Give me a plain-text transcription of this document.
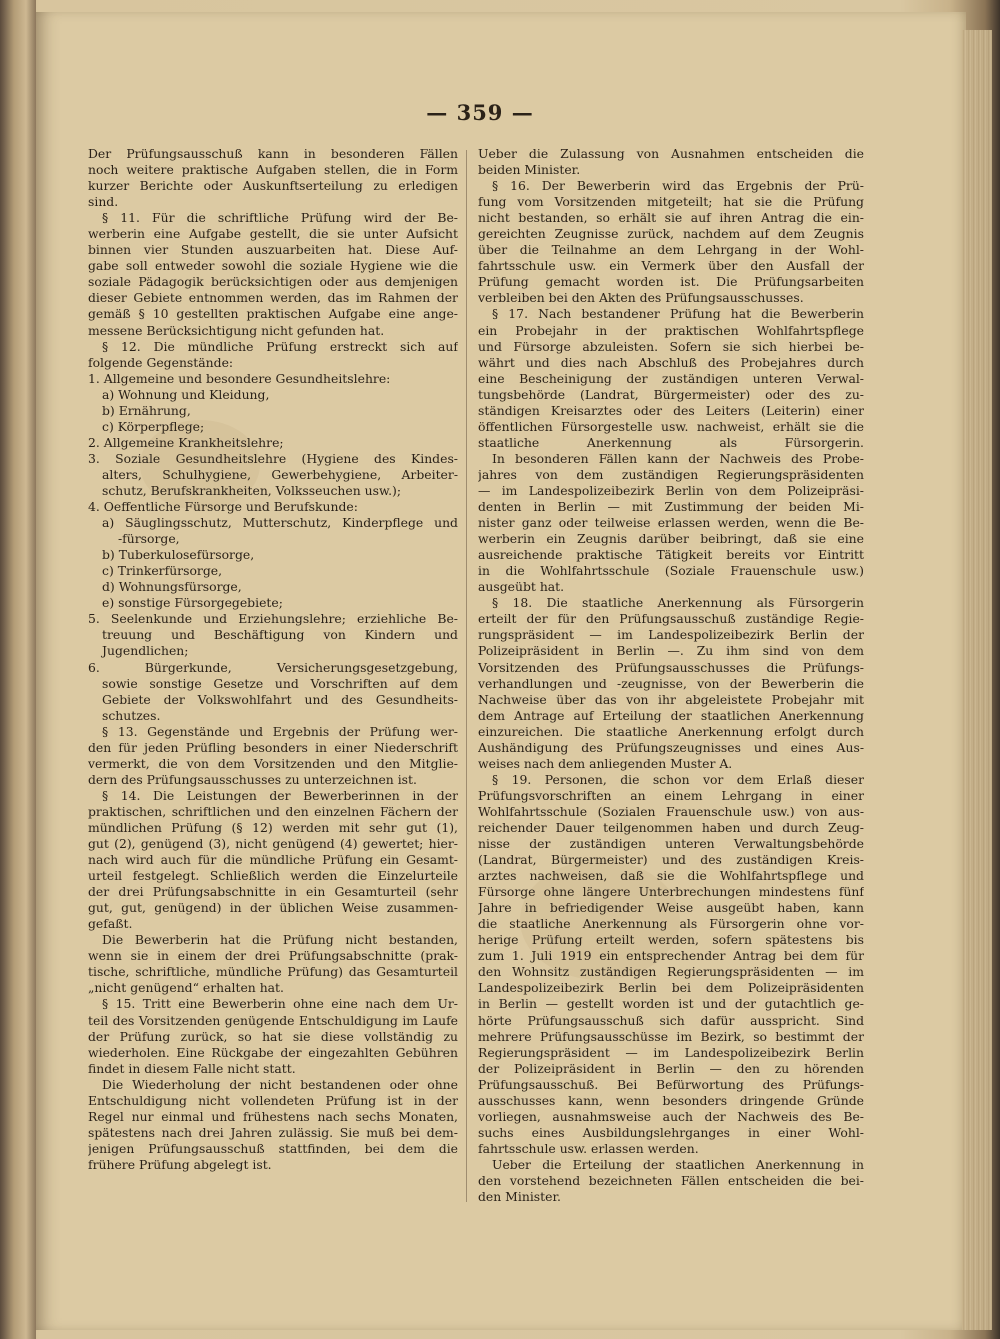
— 359 —
Der Prüfungsausschuß kann in besonderen Fällen
noch weitere praktische Aufgaben stellen, die in Form
kurzer Berichte oder Auskunftserteilung zu erledigen
sind.
§ 11. Für die schriftliche Prüfung wird der Be-
werberin eine Aufgabe gestellt, die sie unter Aufsicht
binnen vier Stunden auszuarbeiten hat. Diese Auf-
gabe soll entweder sowohl die soziale Hygiene wie die
soziale Pädagogik berücksichtigen oder aus demjenigen
dieser Gebiete entnommen werden, das im Rahmen der
gemäß § 10 gestellten praktischen Aufgabe eine ange-
messene Berücksichtigung nicht gefunden hat.
§ 12. Die mündliche Prüfung erstreckt sich auf
folgende Gegenstände:
1. Allgemeine und besondere Gesundheitslehre:
a) Wohnung und Kleidung,
b) Ernährung,
c) Körperpflege;
2. Allgemeine Krankheitslehre;
3. Soziale Gesundheitslehre (Hygiene des Kindes-
alters, Schulhygiene, Gewerbehygiene, Arbeiter-
schutz, Berufskrankheiten, Volksseuchen usw.);
4. Oeffentliche Fürsorge und Berufskunde:
a) Säuglingsschutz, Mutterschutz, Kinderpflege und
-fürsorge,
b) Tuberkulosefürsorge,
c) Trinkerfürsorge,
d) Wohnungsfürsorge,
e) sonstige Fürsorgegebiete;
5. Seelenkunde und Erziehungslehre; erziehliche Be-
treuung und Beschäftigung von Kindern und
Jugendlichen;
6. Bürgerkunde, Versicherungsgesetzgebung,
sowie sonstige Gesetze und Vorschriften auf dem
Gebiete der Volkswohlfahrt und des Gesundheits-
schutzes.
§ 13. Gegenstände und Ergebnis der Prüfung wer-
den für jeden Prüfling besonders in einer Niederschrift
vermerkt, die von dem Vorsitzenden und den Mitglie-
dern des Prüfungsausschusses zu unterzeichnen ist.
§ 14. Die Leistungen der Bewerberinnen in der
praktischen, schriftlichen und den einzelnen Fächern der
mündlichen Prüfung (§ 12) werden mit sehr gut (1),
gut (2), genügend (3), nicht genügend (4) gewertet; hier-
nach wird auch für die mündliche Prüfung ein Gesamt-
urteil festgelegt. Schließlich werden die Einzelurteile
der drei Prüfungsabschnitte in ein Gesamturteil (sehr
gut, gut, genügend) in der üblichen Weise zusammen-
gefaßt.
Die Bewerberin hat die Prüfung nicht bestanden,
wenn sie in einem der drei Prüfungsabschnitte (prak-
tische, schriftliche, mündliche Prüfung) das Gesamturteil
„nicht genügend“ erhalten hat.
§ 15. Tritt eine Bewerberin ohne eine nach dem Ur-
teil des Vorsitzenden genügende Entschuldigung im Laufe
der Prüfung zurück, so hat sie diese vollständig zu
wiederholen. Eine Rückgabe der eingezahlten Gebühren
findet in diesem Falle nicht statt.
Die Wiederholung der nicht bestandenen oder ohne
Entschuldigung nicht vollendeten Prüfung ist in der
Regel nur einmal und frühestens nach sechs Monaten,
spätestens nach drei Jahren zulässig. Sie muß bei dem-
jenigen Prüfungsausschuß stattfinden, bei dem die
frühere Prüfung abgelegt ist.
Ueber die Zulassung von Ausnahmen entscheiden die
beiden Minister.
§ 16. Der Bewerberin wird das Ergebnis der Prü-
fung vom Vorsitzenden mitgeteilt; hat sie die Prüfung
nicht bestanden, so erhält sie auf ihren Antrag die ein-
gereichten Zeugnisse zurück, nachdem auf dem Zeugnis
über die Teilnahme an dem Lehrgang in der Wohl-
fahrtsschule usw. ein Vermerk über den Ausfall der
Prüfung gemacht worden ist. Die Prüfungsarbeiten
verbleiben bei den Akten des Prüfungsausschusses.
§ 17. Nach bestandener Prüfung hat die Bewerberin
ein Probejahr in der praktischen Wohlfahrtspflege
und Fürsorge abzuleisten. Sofern sie sich hierbei be-
währt und dies nach Abschluß des Probejahres durch
eine Bescheinigung der zuständigen unteren Verwal-
tungsbehörde (Landrat, Bürgermeister) oder des zu-
ständigen Kreisarztes oder des Leiters (Leiterin) einer
öffentlichen Fürsorgestelle usw. nachweist, erhält sie die
staatliche Anerkennung als Fürsorgerin.
In besonderen Fällen kann der Nachweis des Probe-
jahres von dem zuständigen Regierungspräsidenten
— im Landespolizeibezirk Berlin von dem Polizeipräsi-
denten in Berlin — mit Zustimmung der beiden Mi-
nister ganz oder teilweise erlassen werden, wenn die Be-
werberin ein Zeugnis darüber beibringt, daß sie eine
ausreichende praktische Tätigkeit bereits vor Eintritt
in die Wohlfahrtsschule (Soziale Frauenschule usw.)
ausgeübt hat.
§ 18. Die staatliche Anerkennung als Fürsorgerin
erteilt der für den Prüfungsausschuß zuständige Regie-
rungspräsident — im Landespolizeibezirk Berlin der
Polizeipräsident in Berlin —. Zu ihm sind von dem
Vorsitzenden des Prüfungsausschusses die Prüfungs-
verhandlungen und -zeugnisse, von der Bewerberin die
Nachweise über das von ihr abgeleistete Probejahr mit
dem Antrage auf Erteilung der staatlichen Anerkennung
einzureichen. Die staatliche Anerkennung erfolgt durch
Aushändigung des Prüfungszeugnisses und eines Aus-
weises nach dem anliegenden Muster A.
§ 19. Personen, die schon vor dem Erlaß dieser
Prüfungsvorschriften an einem Lehrgang in einer
Wohlfahrtsschule (Sozialen Frauenschule usw.) von aus-
reichender Dauer teilgenommen haben und durch Zeug-
nisse der zuständigen unteren Verwaltungsbehörde
(Landrat, Bürgermeister) und des zuständigen Kreis-
arztes nachweisen, daß sie die Wohlfahrtspflege und
Fürsorge ohne längere Unterbrechungen mindestens fünf
Jahre in befriedigender Weise ausgeübt haben, kann
die staatliche Anerkennung als Fürsorgerin ohne vor-
herige Prüfung erteilt werden, sofern spätestens bis
zum 1. Juli 1919 ein entsprechender Antrag bei dem für
den Wohnsitz zuständigen Regierungspräsidenten — im
Landespolizeibezirk Berlin bei dem Polizeipräsidenten
in Berlin — gestellt worden ist und der gutachtlich ge-
hörte Prüfungsausschuß sich dafür ausspricht. Sind
mehrere Prüfungsausschüsse im Bezirk, so bestimmt der
Regierungspräsident — im Landespolizeibezirk Berlin
der Polizeipräsident in Berlin — den zu hörenden
Prüfungsausschuß. Bei Befürwortung des Prüfungs-
ausschusses kann, wenn besonders dringende Gründe
vorliegen, ausnahmsweise auch der Nachweis des Be-
suchs eines Ausbildungslehrganges in einer Wohl-
fahrtsschule usw. erlassen werden.
Ueber die Erteilung der staatlichen Anerkennung in
den vorstehend bezeichneten Fällen entscheiden die bei-
den Minister.
